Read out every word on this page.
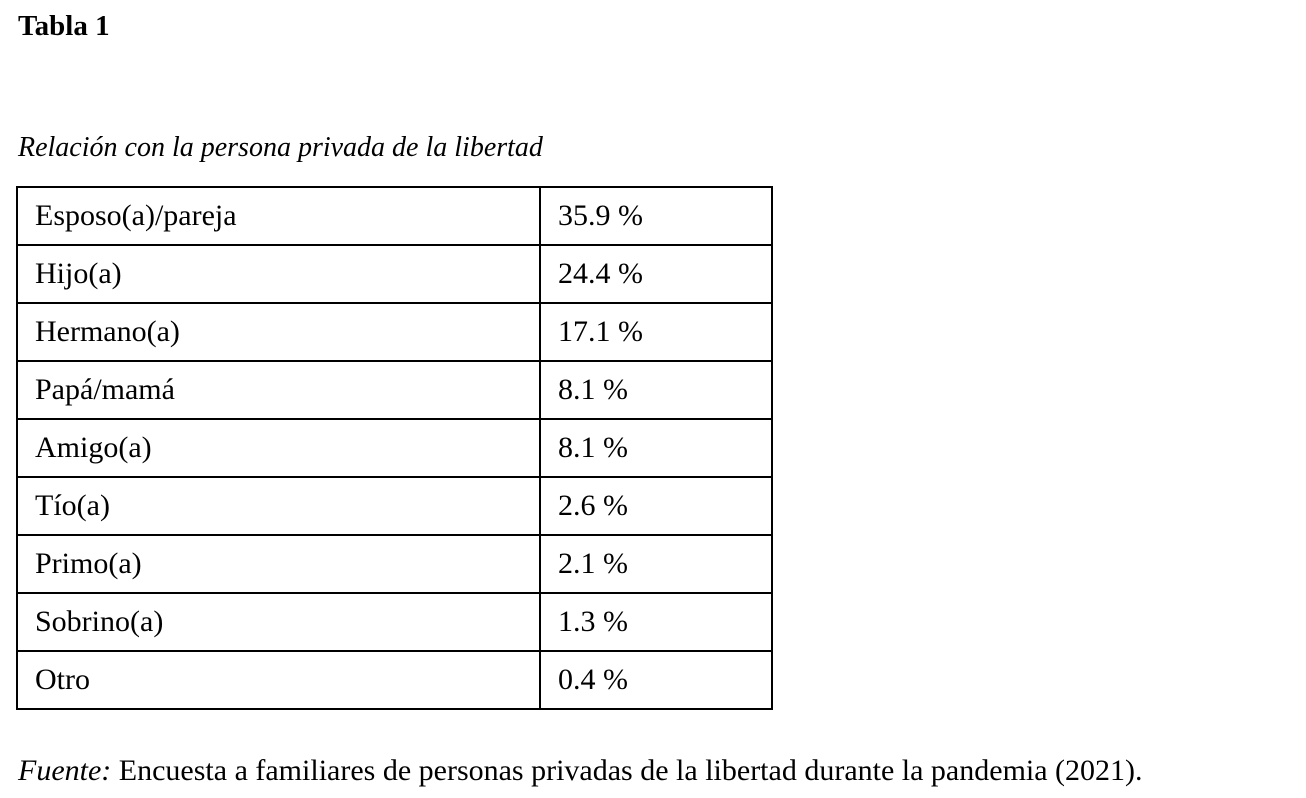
Tabla 1

Relación con la persona privada de la libertad

Esposo(a)/pareja	35.9 %
Hijo(a)	24.4 %
Hermano(a)	17.1 %
Papá/mamá	8.1 %
Amigo(a)	8.1 %
Tío(a)	2.6 %
Primo(a)	2.1 %
Sobrino(a)	1.3 %
Otro	0.4 %

Fuente: Encuesta a familiares de personas privadas de la libertad durante la pandemia (2021).
